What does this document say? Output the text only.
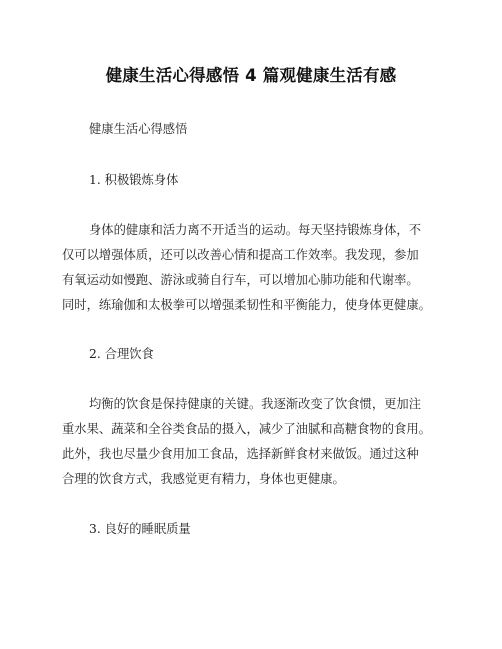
健康生活心得感悟 4 篇观健康生活有感
健康生活心得感悟
1. 积极锻炼身体
身体的健康和活力离不开适当的运动。每天坚持锻炼身体，不
仅可以增强体质，还可以改善心情和提高工作效率。我发现，参加
有氧运动如慢跑、游泳或骑自行车，可以增加心肺功能和代谢率。
同时，练瑜伽和太极拳可以增强柔韧性和平衡能力，使身体更健康。
2. 合理饮食
均衡的饮食是保持健康的关键。我逐渐改变了饮食惯，更加注
重水果、蔬菜和全谷类食品的摄入，减少了油腻和高糖食物的食用。
此外，我也尽量少食用加工食品，选择新鲜食材来做饭。通过这种
合理的饮食方式，我感觉更有精力，身体也更健康。
3. 良好的睡眠质量
